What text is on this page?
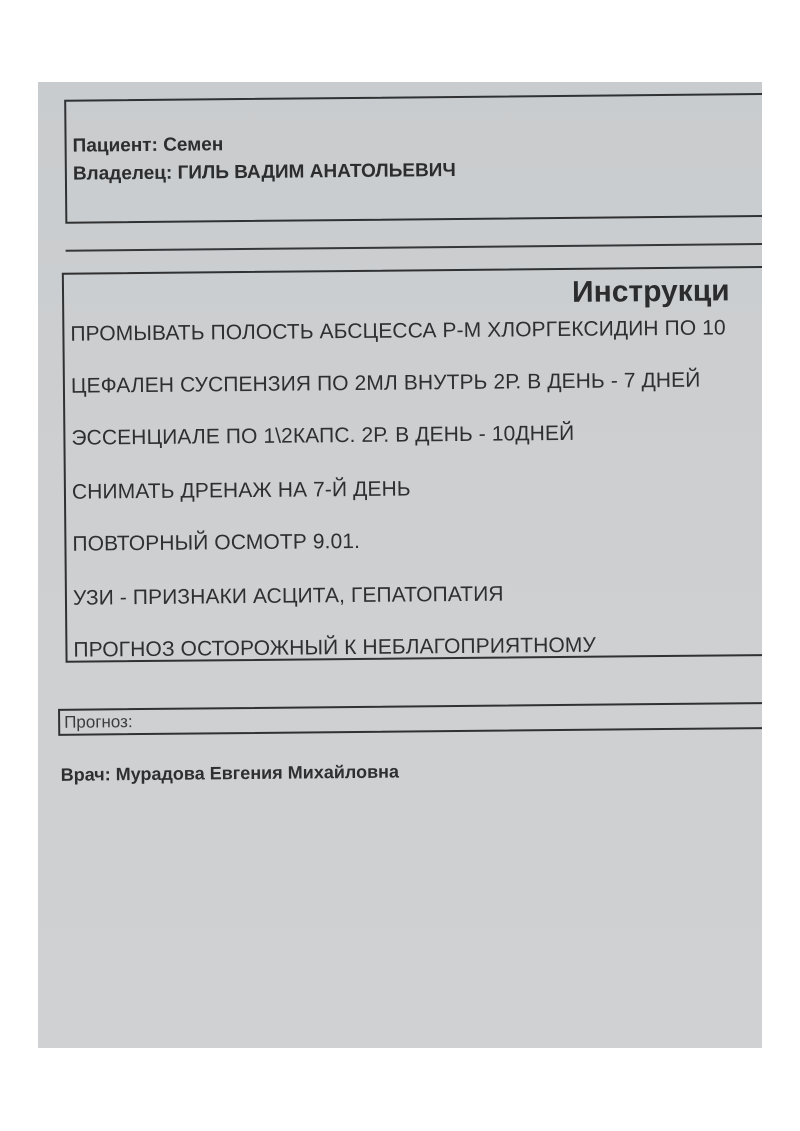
Пациент: Семен
Владелец: ГИЛЬ ВАДИМ АНАТОЛЬЕВИЧ
Инструкци
ПРОМЫВАТЬ ПОЛОСТЬ АБСЦЕССА Р-М ХЛОРГЕКСИДИН ПО 10
ЦЕФАЛЕН СУСПЕНЗИЯ ПО 2МЛ ВНУТРЬ 2Р. В ДЕНЬ - 7 ДНЕЙ
ЭССЕНЦИАЛЕ ПО 1\2КАПС. 2Р. В ДЕНЬ - 10ДНЕЙ
СНИМАТЬ ДРЕНАЖ НА 7-Й ДЕНЬ
ПОВТОРНЫЙ ОСМОТР 9.01.
УЗИ - ПРИЗНАКИ АСЦИТА, ГЕПАТОПАТИЯ
ПРОГНОЗ ОСТОРОЖНЫЙ К НЕБЛАГОПРИЯТНОМУ
Прогноз:
Врач: Мурадова Евгения Михайловна
